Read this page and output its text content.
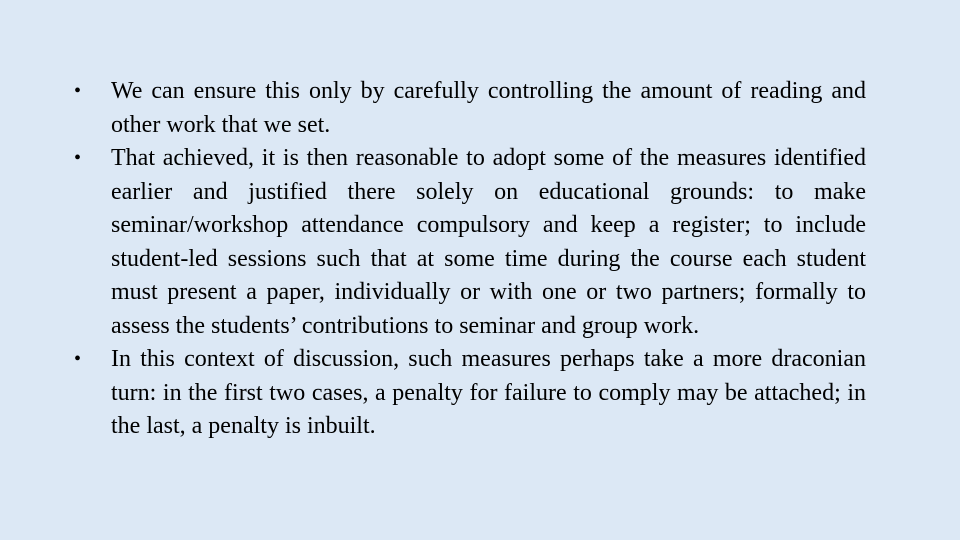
• We can ensure this only by carefully controlling the amount of reading and other work that we set.
• That achieved, it is then reasonable to adopt some of the measures identified earlier and justified there solely on educational grounds: to make seminar/workshop attendance compulsory and keep a register; to include student-led sessions such that at some time during the course each student must present a paper, individually or with one or two partners; formally to assess the students’ contributions to seminar and group work.
• In this context of discussion, such measures perhaps take a more draconian turn: in the first two cases, a penalty for failure to comply may be attached; in the last, a penalty is inbuilt.
